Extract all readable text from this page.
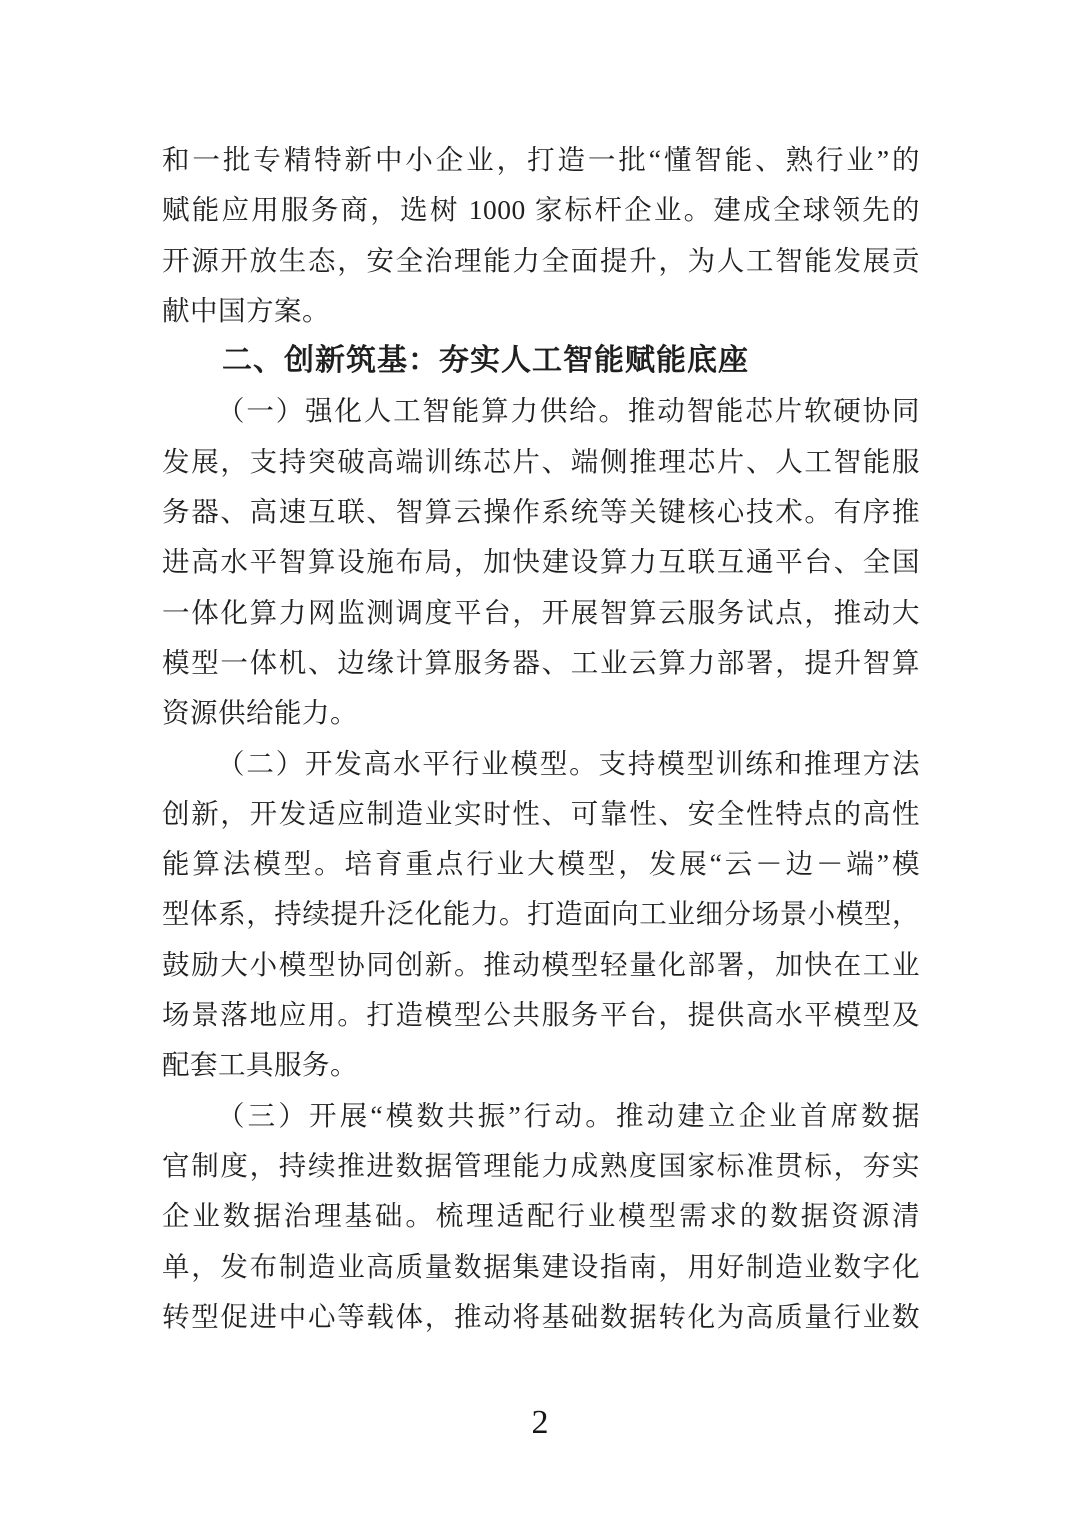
和一批专精特新中小企业，打造一批“懂智能、熟行业”的
赋能应用服务商，选树 1000 家标杆企业。建成全球领先的
开源开放生态，安全治理能力全面提升，为人工智能发展贡
献中国方案。
二、创新筑基：夯实人工智能赋能底座
（一）强化人工智能算力供给。推动智能芯片软硬协同
发展，支持突破高端训练芯片、端侧推理芯片、人工智能服
务器、高速互联、智算云操作系统等关键核心技术。有序推
进高水平智算设施布局，加快建设算力互联互通平台、全国
一体化算力网监测调度平台，开展智算云服务试点，推动大
模型一体机、边缘计算服务器、工业云算力部署，提升智算
资源供给能力。
（二）开发高水平行业模型。支持模型训练和推理方法
创新，开发适应制造业实时性、可靠性、安全性特点的高性
能算法模型。培育重点行业大模型，发展“云－边－端”模
型体系，持续提升泛化能力。打造面向工业细分场景小模型，
鼓励大小模型协同创新。推动模型轻量化部署，加快在工业
场景落地应用。打造模型公共服务平台，提供高水平模型及
配套工具服务。
（三）开展“模数共振”行动。推动建立企业首席数据
官制度，持续推进数据管理能力成熟度国家标准贯标，夯实
企业数据治理基础。梳理适配行业模型需求的数据资源清
单，发布制造业高质量数据集建设指南，用好制造业数字化
转型促进中心等载体，推动将基础数据转化为高质量行业数
2
